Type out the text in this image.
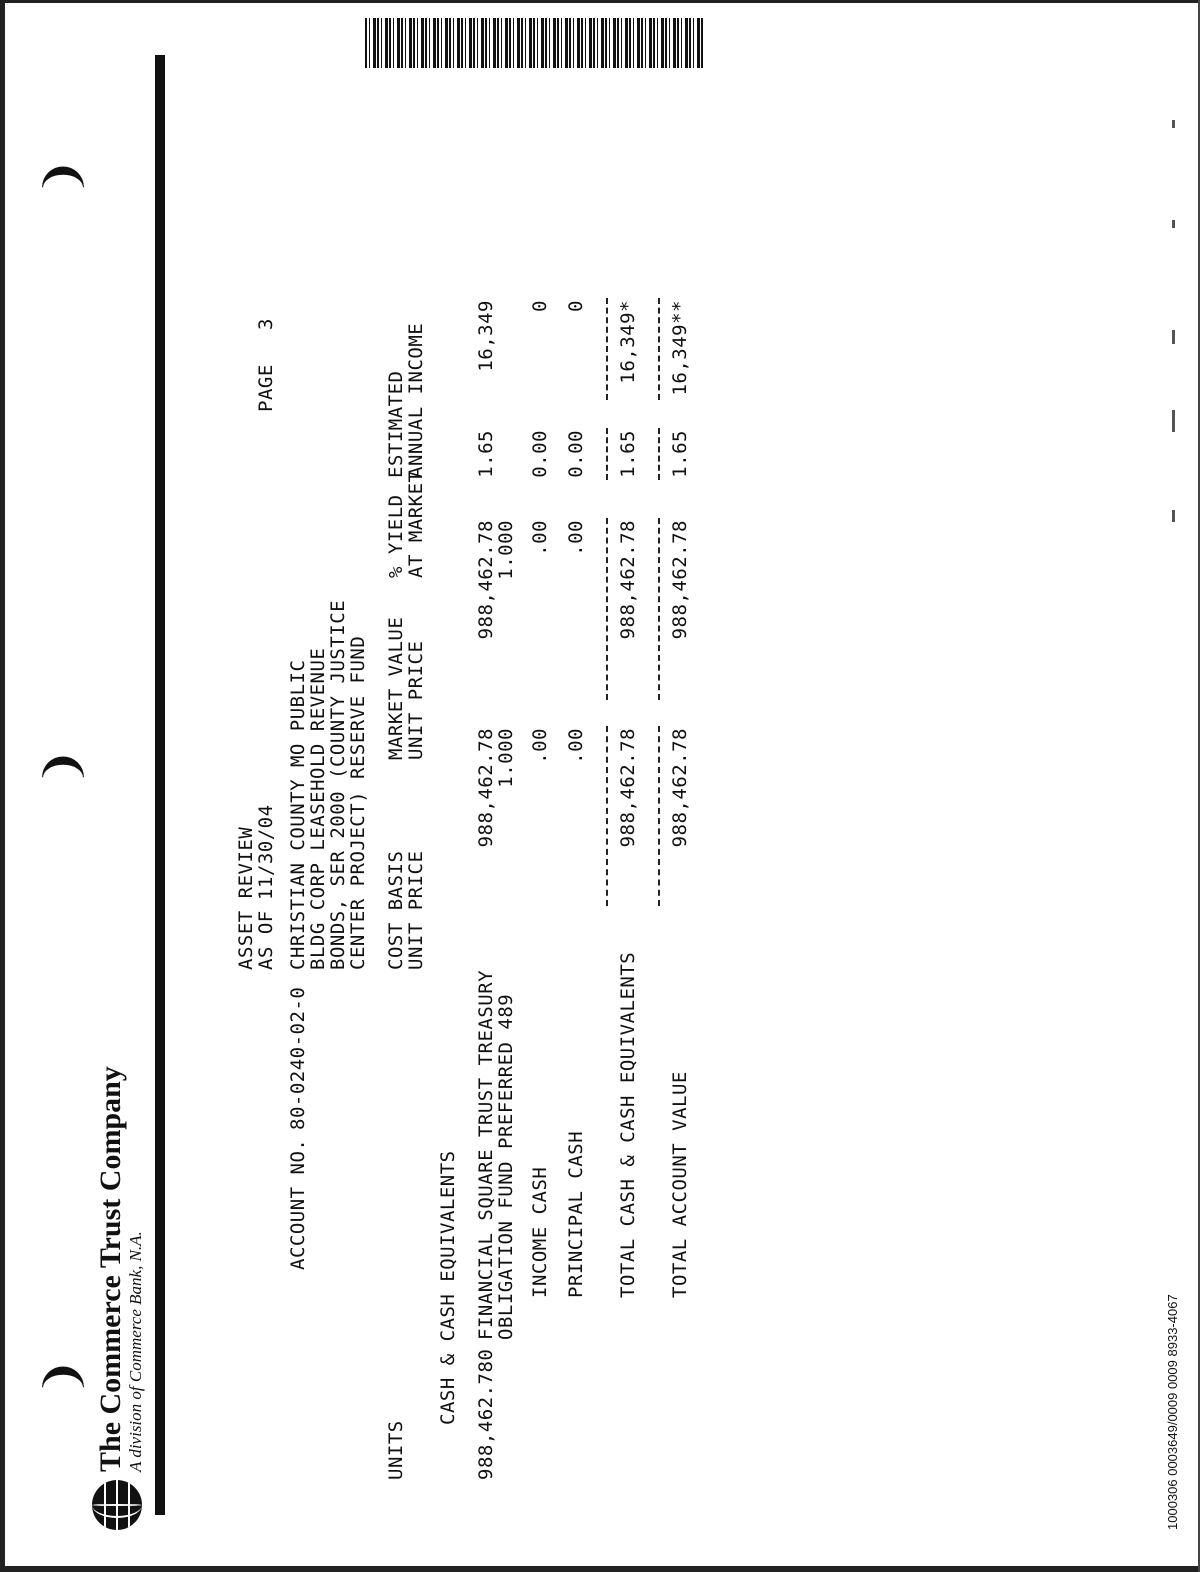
❩
❩
❩ The Commerce Trust Company A division of Commerce Bank, N.A.
ASSET REVIEW
AS OF
11/30/04
PAGE
3
ACCOUNT NO.
80-0240-02-0
CHRISTIAN COUNTY MO PUBLIC
BLDG CORP LEASEHOLD REVENUE
BONDS, SER 2000 (COUNTY JUSTICE
CENTER PROJECT) RESERVE FUND
UNITS
COST BASIS
UNIT PRICE
MARKET VALUE
UNIT PRICE
% YIELD
AT MARKET
ESTIMATED
ANNUAL INCOME
CASH & CASH EQUIVALENTS 988,462.780
FINANCIAL SQUARE TRUST TREASURY
OBLIGATION FUND PREFERRED 489
988,462.78
1.000
988,462.78
1.000
1.65
16,349
INCOME CASH
.00
.00
0.00
0
PRINCIPAL CASH
.00
.00
0.00
0
TOTAL CASH & CASH EQUIVALENTS
988,462.78
988,462.78
1.65
16,349*
TOTAL ACCOUNT VALUE
988,462.78
988,462.78
1.65
16,349**
1000306 0003649/0009 0009 8933-4067
